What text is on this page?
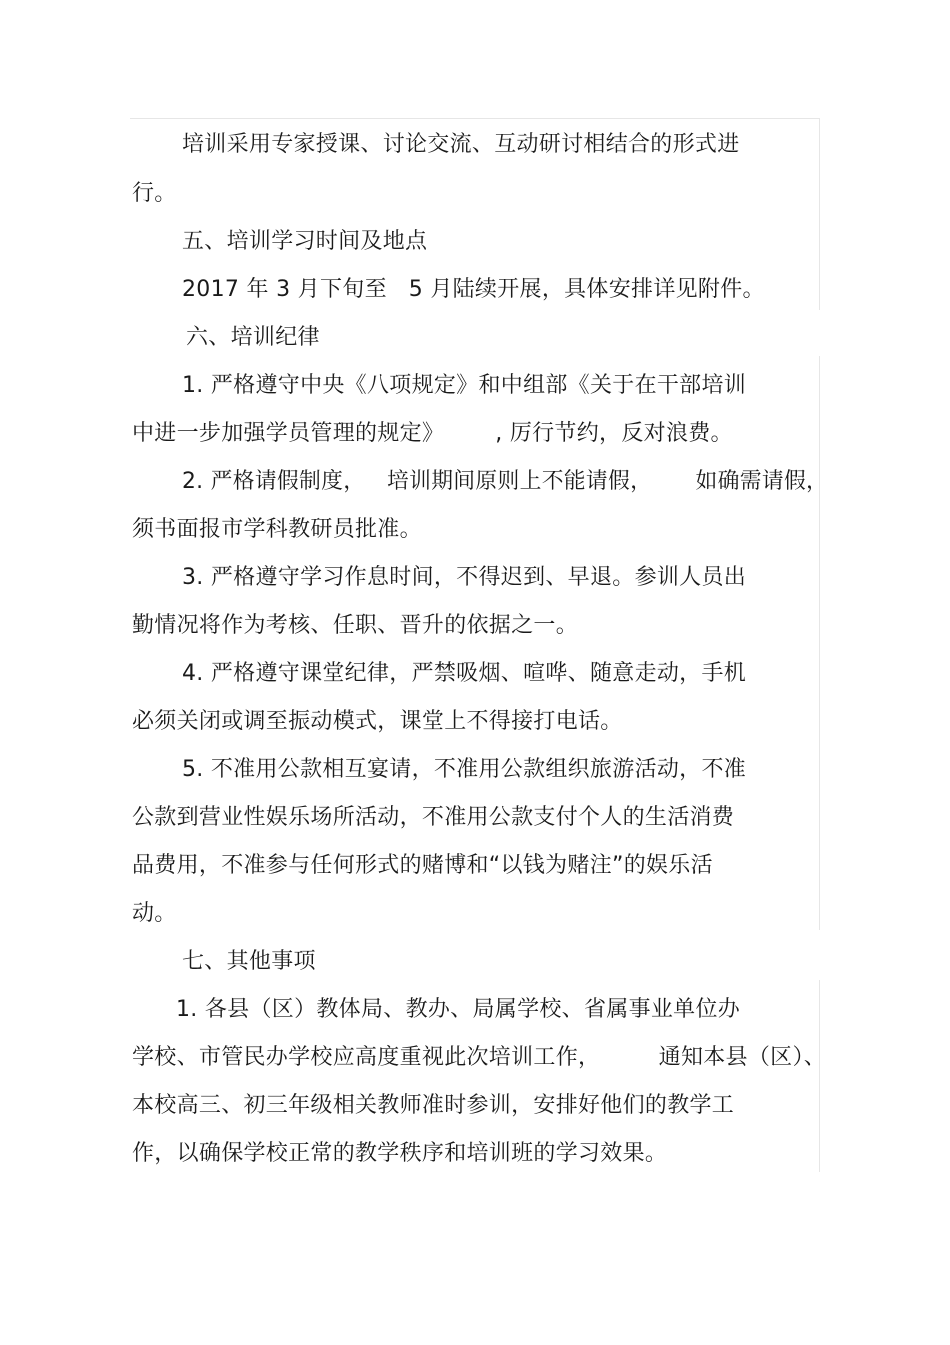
培训采用专家授课、讨论交流、互动研讨相结合的形式进
行。
五、培训学习时间及地点
2017 年 3 月下旬至   5 月陆续开展，具体安排详见附件。
六、培训纪律
1. 严格遵守中央《八项规定》和中组部《关于在干部培训
中进一步加强学员管理的规定》       , 厉行节约，反对浪费。
2. 严格请假制度，   培训期间原则上不能请假，      如确需请假，
须书面报市学科教研员批准。
3. 严格遵守学习作息时间，不得迟到、早退。参训人员出
勤情况将作为考核、任职、晋升的依据之一。
4. 严格遵守课堂纪律，严禁吸烟、喧哗、随意走动，手机
必须关闭或调至振动模式，课堂上不得接打电话。
5. 不准用公款相互宴请，不准用公款组织旅游活动，不准
公款到营业性娱乐场所活动，不准用公款支付个人的生活消费
品费用，不准参与任何形式的赌博和“以钱为赌注”的娱乐活
动。
七、其他事项
1. 各县（区）教体局、教办、局属学校、省属事业单位办
学校、市管民办学校应高度重视此次培训工作，        通知本县（区）、
本校高三、初三年级相关教师准时参训，安排好他们的教学工
作，以确保学校正常的教学秩序和培训班的学习效果。
